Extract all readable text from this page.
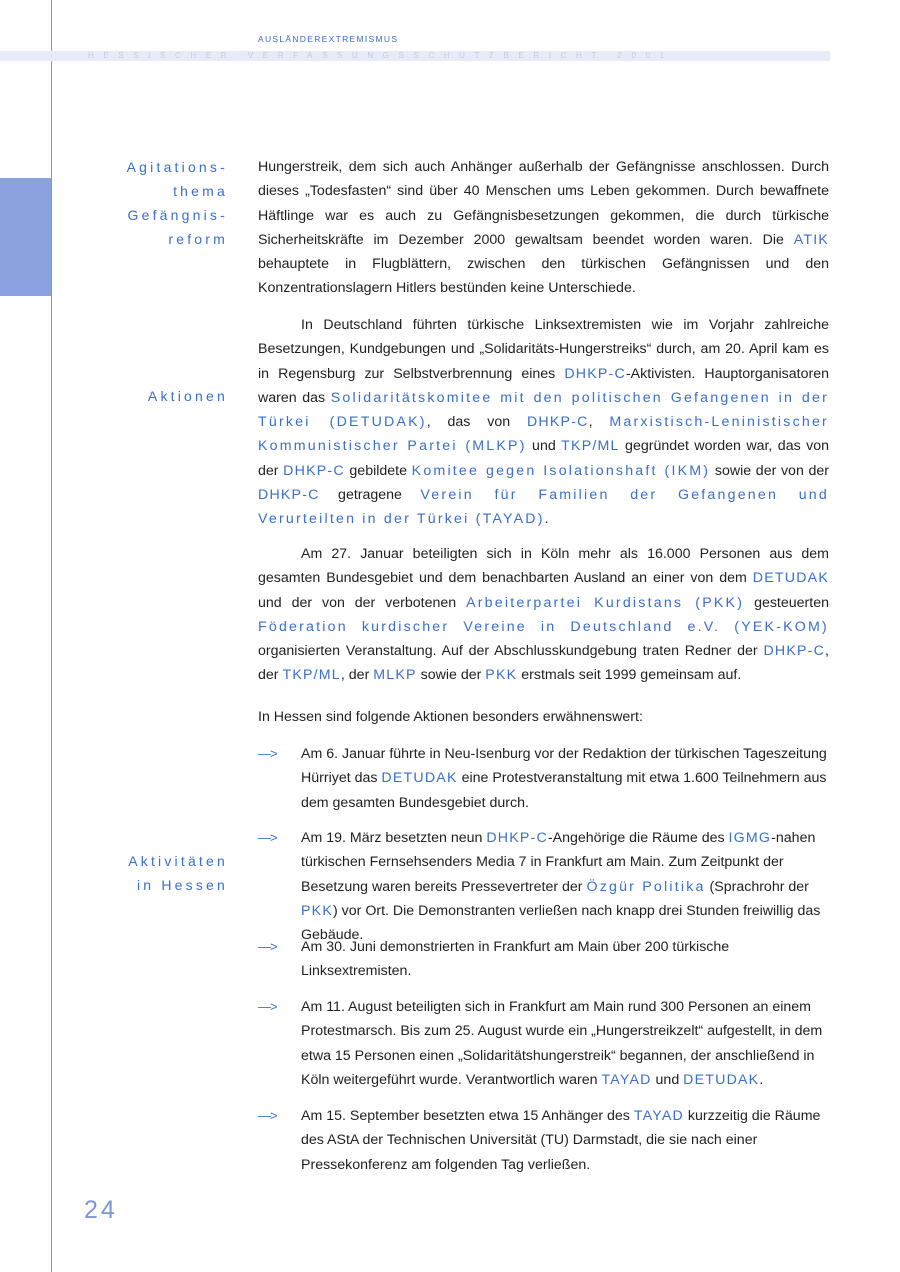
AUSLÄNDEREXTREMISMUS
HESSISCHER VERFASSUNGSSCHUTZBERICHT 2001
Agitations-
thema
Gefängnis-
reform
Aktionen
Aktivitäten
in Hessen

Hungerstreik, dem sich auch Anhänger außerhalb der Gefängnisse anschlossen. Durch dieses „Todesfasten“ sind über 40 Menschen ums Leben gekommen. Durch bewaffnete Häftlinge war es auch zu Gefängnisbesetzungen gekommen, die durch türkische Sicherheitskräfte im Dezember 2000 gewaltsam beendet worden waren. Die ATIK behauptete in Flugblättern, zwischen den türkischen Gefängnissen und den Konzentrationslagern Hitlers bestünden keine Unterschiede.

In Deutschland führten türkische Linksextremisten wie im Vorjahr zahlreiche Besetzungen, Kundgebungen und „Solidaritäts-Hungerstreiks“ durch, am 20. April kam es in Regensburg zur Selbstverbrennung eines DHKP-C-Aktivisten. Hauptorganisatoren waren das Solidaritätskomitee mit den politischen Gefangenen in der Türkei (DETUDAK), das von DHKP-C, Marxistisch-Leninistischer Kommunistischer Partei (MLKP) und TKP/ML gegründet worden war, das von der DHKP-C gebildete Komitee gegen Isolationshaft (IKM) sowie der von der DHKP-C getragene Verein für Familien der Gefangenen und Verurteilten in der Türkei (TAYAD).

Am 27. Januar beteiligten sich in Köln mehr als 16.000 Personen aus dem gesamten Bundesgebiet und dem benachbarten Ausland an einer von dem DETUDAK und der von der verbotenen Arbeiterpartei Kurdistans (PKK) gesteuerten Föderation kurdischer Vereine in Deutschland e.V. (YEK-KOM) organisierten Veranstaltung. Auf der Abschlusskundgebung traten Redner der DHKP-C, der TKP/ML, der MLKP sowie der PKK erstmals seit 1999 gemeinsam auf.

In Hessen sind folgende Aktionen besonders erwähnenswert:
—> Am 6. Januar führte in Neu-Isenburg vor der Redaktion der türkischen Tageszeitung Hürriyet das DETUDAK eine Protestveranstaltung mit etwa 1.600 Teilnehmern aus dem gesamten Bundesgebiet durch.
—> Am 19. März besetzten neun DHKP-C-Angehörige die Räume des IGMG-nahen türkischen Fernsehsenders Media 7 in Frankfurt am Main. Zum Zeitpunkt der Besetzung waren bereits Pressevertreter der Özgür Politika (Sprachrohr der PKK) vor Ort. Die Demonstranten verließen nach knapp drei Stunden freiwillig das Gebäude.
—> Am 30. Juni demonstrierten in Frankfurt am Main über 200 türkische Linksextremisten.
—> Am 11. August beteiligten sich in Frankfurt am Main rund 300 Personen an einem Protestmarsch. Bis zum 25. August wurde ein „Hungerstreikzelt“ aufgestellt, in dem etwa 15 Personen einen „Solidaritätshungerstreik“ begannen, der anschließend in Köln weitergeführt wurde. Verantwortlich waren TAYAD und DETUDAK.
—> Am 15. September besetzten etwa 15 Anhänger des TAYAD kurzzeitig die Räume des AStA der Technischen Universität (TU) Darmstadt, die sie nach einer Pressekonferenz am folgenden Tag verließen.
24
